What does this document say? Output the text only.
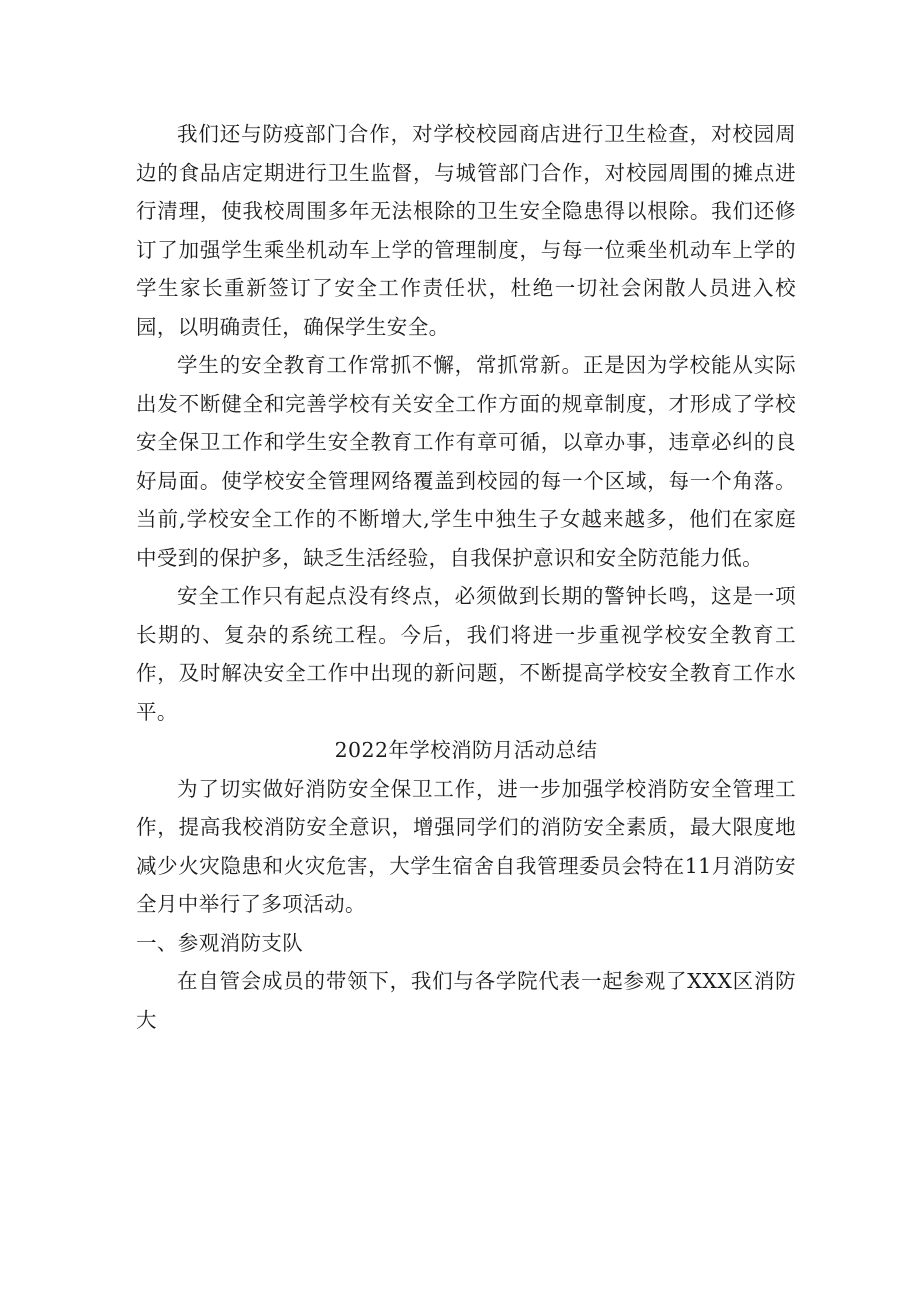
我们还与防疫部门合作，对学校校园商店进行卫生检查，对校园周边的食品店定期进行卫生监督，与城管部门合作，对校园周围的摊点进行清理，使我校周围多年无法根除的卫生安全隐患得以根除。我们还修订了加强学生乘坐机动车上学的管理制度，与每一位乘坐机动车上学的学生家长重新签订了安全工作责任状，杜绝一切社会闲散人员进入校园，以明确责任，确保学生安全。

学生的安全教育工作常抓不懈，常抓常新。正是因为学校能从实际出发不断健全和完善学校有关安全工作方面的规章制度，才形成了学校安全保卫工作和学生安全教育工作有章可循，以章办事，违章必纠的良好局面。使学校安全管理网络覆盖到校园的每一个区域，每一个角落。当前,学校安全工作的不断增大,学生中独生子女越来越多，他们在家庭中受到的保护多，缺乏生活经验，自我保护意识和安全防范能力低。

安全工作只有起点没有终点，必须做到长期的警钟长鸣，这是一项长期的、复杂的系统工程。今后，我们将进一步重视学校安全教育工作，及时解决安全工作中出现的新问题，不断提高学校安全教育工作水平。

2022年学校消防月活动总结

为了切实做好消防安全保卫工作，进一步加强学校消防安全管理工作，提高我校消防安全意识，增强同学们的消防安全素质，最大限度地减少火灾隐患和火灾危害，大学生宿舍自我管理委员会特在11月消防安全月中举行了多项活动。

一、参观消防支队

在自管会成员的带领下，我们与各学院代表一起参观了XXX区消防大
